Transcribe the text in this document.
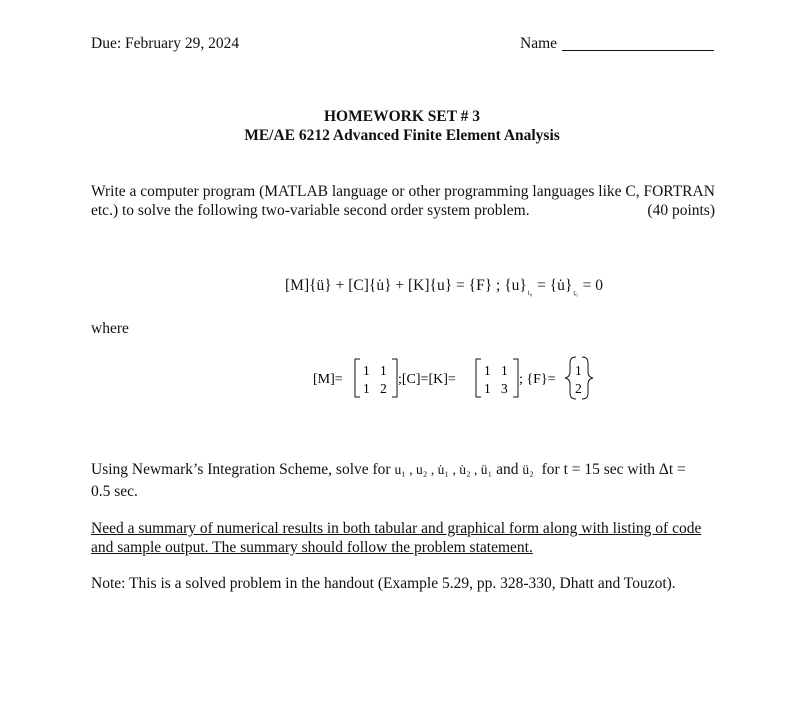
Due: February 29, 2024	Name
HOMEWORK SET # 3
ME/AE 6212 Advanced Finite Element Analysis
Write a computer program (MATLAB language or other programming languages like C, FORTRAN
etc.) to solve the following two-variable second order system problem.	(40 points)
[M]{ü} + [C]{u̇} + [K]{u} = {F} ; $\{u\}_{t_0}$ = $\{u̇\}_{t_0} = 0$
where
[M]=
1 1
1 2
;[C]=[K]=
1 1
1 3
; {F}=
1
2
Using Newmark’s Integration Scheme, solve for u₁ , u₂ , u̇₁ , u̇₂ , ü₁ and ü₂ for t = 15 sec with Δt =
0.5 sec.
Need a summary of numerical results in both tabular and graphical form along with listing of code
and sample output. The summary should follow the problem statement.
Note: This is a solved problem in the handout (Example 5.29, pp. 328-330, Dhatt and Touzot).
